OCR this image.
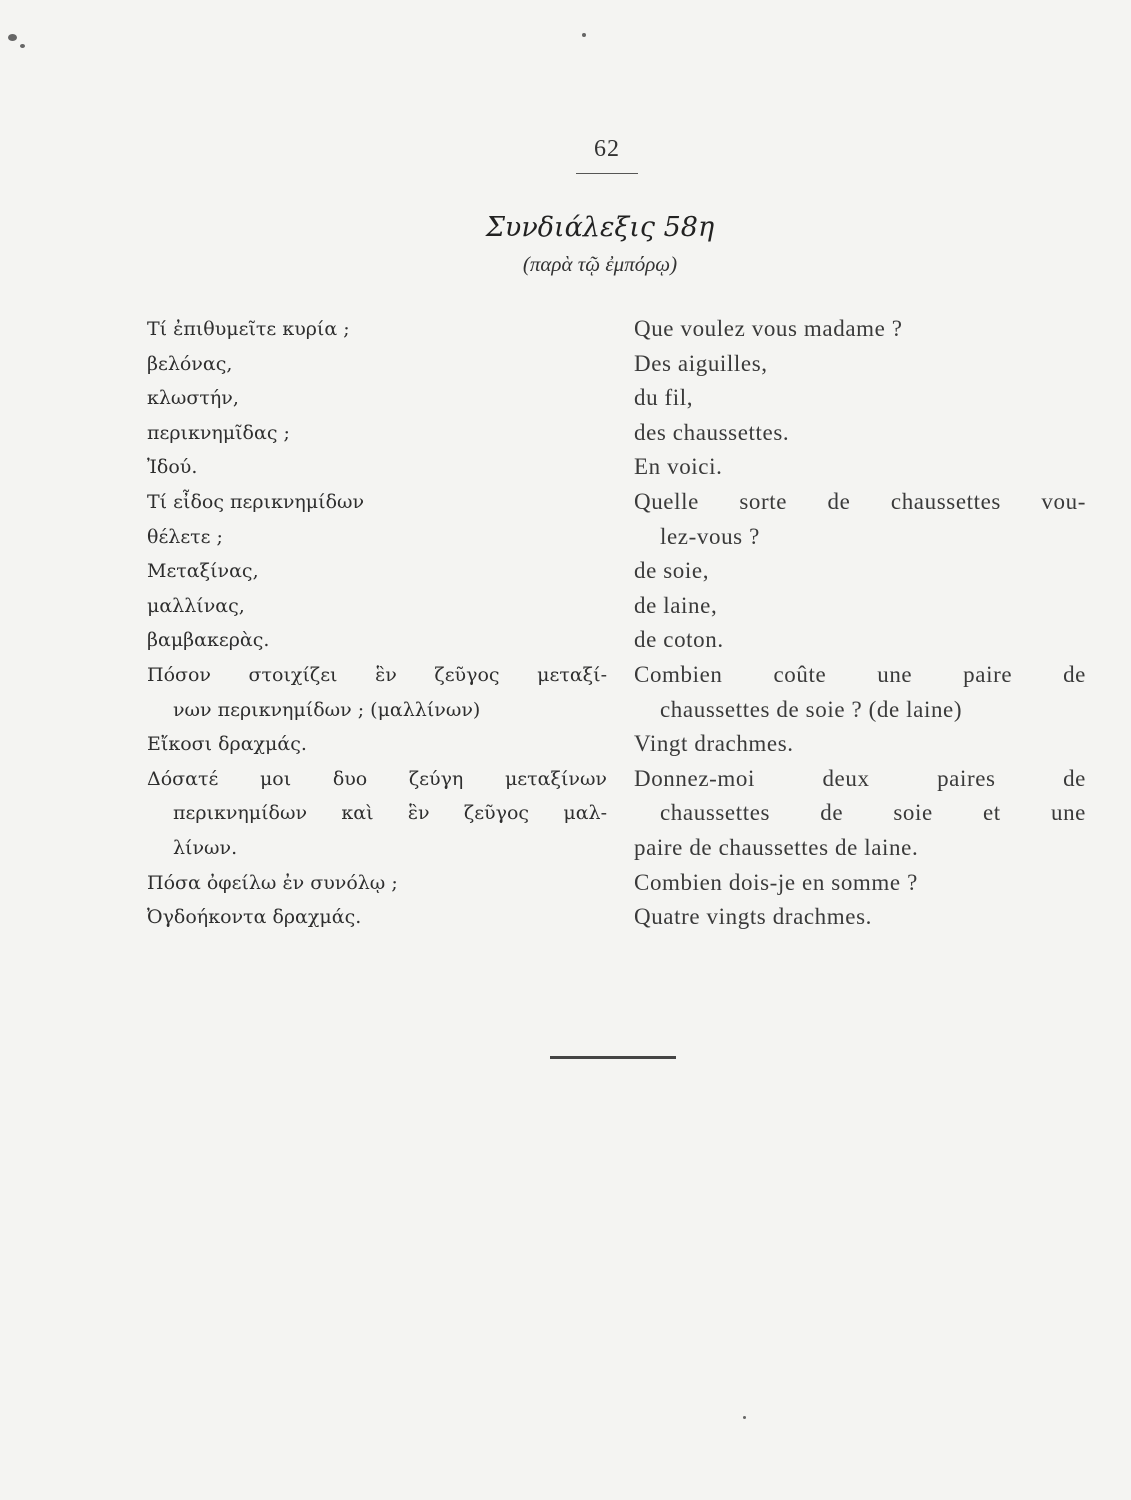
62
Συνδιάλεξις 58η
(παρὰ τῷ ἐμπόρῳ)
Τί ἐπιθυμεῖτε κυρία ;
βελόνας,
κλωστήν,
περικνημῖδας ;
Ἰδού.
Τί εἶδος περικνημίδων
θέλετε ;
Μεταξίνας,
μαλλίνας,
βαμβακερὰς.
Πόσον στοιχίζει ἓν ζεῦγος μεταξί-
νων περικνημίδων ; (μαλλίνων)
Εἴκοσι δραχμάς.
Δόσατέ μοι δυο ζεύγη μεταξίνων
περικνημίδων καὶ ἓν ζεῦγος μαλ-
λίνων.
Πόσα ὀφείλω ἐν συνόλῳ ;
Ὀγδοήκοντα δραχμάς.
Que voulez vous madame ?
Des aiguilles,
du fil,
des chaussettes.
En voici.
Quelle sorte de chaussettes vou-
lez-vous ?
de soie,
de laine,
de coton.
Combien coûte une paire de
chaussettes de soie ? (de laine)
Vingt drachmes.
Donnez-moi deux paires de
chaussettes de soie et une
paire de chaussettes de laine.
Combien dois-je en somme ?
Quatre vingts drachmes.
